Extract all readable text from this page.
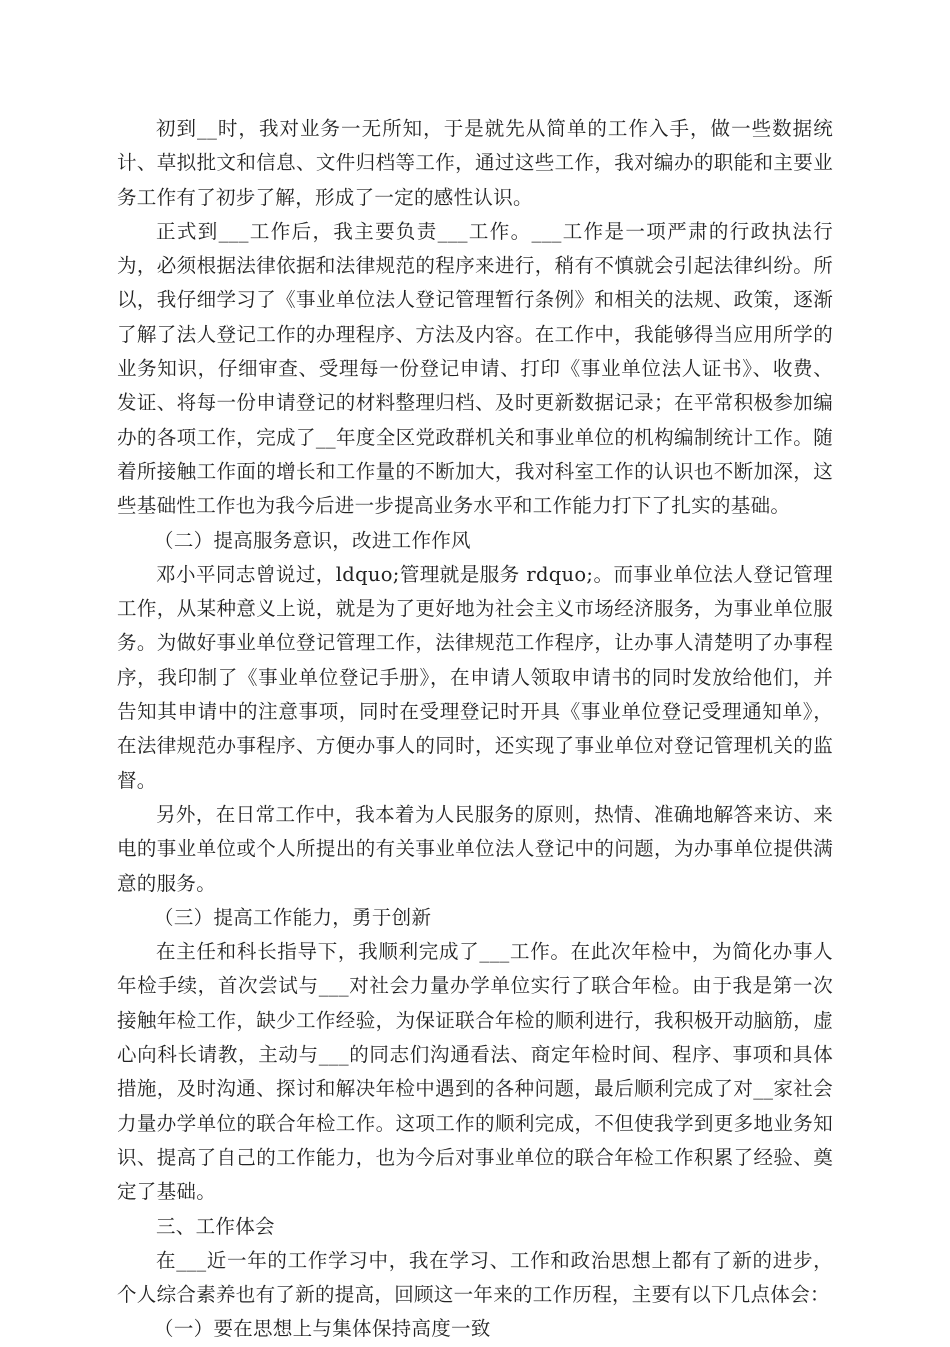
初到__时，我对业务一无所知，于是就先从简单的工作入手，做一些数据统计、草拟批文和信息、文件归档等工作，通过这些工作，我对编办的职能和主要业务工作有了初步了解，形成了一定的感性认识。

正式到___工作后，我主要负责___工作。___工作是一项严肃的行政执法行为，必须根据法律依据和法律规范的程序来进行，稍有不慎就会引起法律纠纷。所以，我仔细学习了《事业单位法人登记管理暂行条例》和相关的法规、政策，逐渐了解了法人登记工作的办理程序、方法及内容。在工作中，我能够得当应用所学的业务知识，仔细审查、受理每一份登记申请、打印《事业单位法人证书》、收费、发证、将每一份申请登记的材料整理归档、及时更新数据记录；在平常积极参加编办的各项工作，完成了__年度全区党政群机关和事业单位的机构编制统计工作。随着所接触工作面的增长和工作量的不断加大，我对科室工作的认识也不断加深，这些基础性工作也为我今后进一步提高业务水平和工作能力打下了扎实的基础。

（二）提高服务意识，改进工作作风

邓小平同志曾说过，ldquo;管理就是服务 rdquo;。而事业单位法人登记管理工作，从某种意义上说，就是为了更好地为社会主义市场经济服务，为事业单位服务。为做好事业单位登记管理工作，法律规范工作程序，让办事人清楚明了办事程序，我印制了《事业单位登记手册》，在申请人领取申请书的同时发放给他们，并告知其申请中的注意事项，同时在受理登记时开具《事业单位登记受理通知单》，在法律规范办事程序、方便办事人的同时，还实现了事业单位对登记管理机关的监督。

另外，在日常工作中，我本着为人民服务的原则，热情、准确地解答来访、来电的事业单位或个人所提出的有关事业单位法人登记中的问题，为办事单位提供满意的服务。

（三）提高工作能力，勇于创新

在主任和科长指导下，我顺利完成了___工作。在此次年检中，为简化办事人年检手续，首次尝试与___对社会力量办学单位实行了联合年检。由于我是第一次接触年检工作，缺少工作经验，为保证联合年检的顺利进行，我积极开动脑筋，虚心向科长请教，主动与___的同志们沟通看法、商定年检时间、程序、事项和具体措施，及时沟通、探讨和解决年检中遇到的各种问题，最后顺利完成了对__家社会力量办学单位的联合年检工作。这项工作的顺利完成，不但使我学到更多地业务知识、提高了自己的工作能力，也为今后对事业单位的联合年检工作积累了经验、奠定了基础。

三、工作体会

在___近一年的工作学习中，我在学习、工作和政治思想上都有了新的进步，个人综合素养也有了新的提高，回顾这一年来的工作历程，主要有以下几点体会：

（一）要在思想上与集体保持高度一致
